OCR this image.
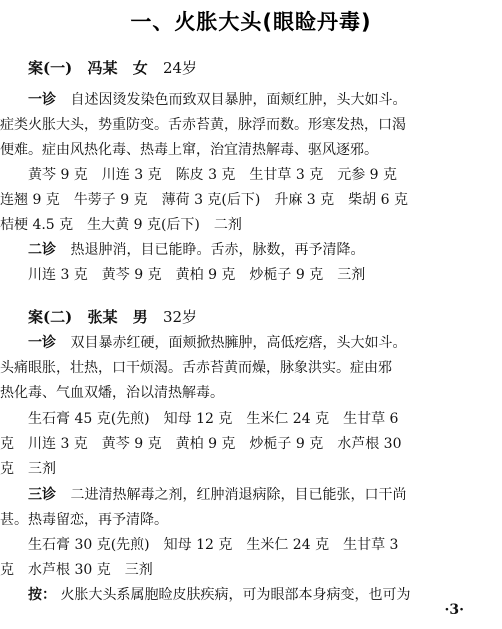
一、火胀大头(眼睑丹毒)
案(一) 冯某 女 24岁
一诊 自述因烫发染色而致双目暴肿，面颊红肿，头大如斗。
症类火胀大头，势重防变。舌赤苔黄，脉浮而数。形寒发热，口渴
便难。症由风热化毒、热毒上窜，治宜清热解毒、驱风逐邪。
黄芩 9 克　川连 3 克　陈皮 3 克　生甘草 3 克　元参 9 克
连翘 9 克　牛蒡子 9 克　薄荷 3 克(后下)　升麻 3 克　柴胡 6 克
桔梗 4.5 克　生大黄 9 克(后下)　二剂
二诊 热退肿消，目已能睁。舌赤，脉数，再予清降。
川连 3 克　黄芩 9 克　黄柏 9 克　炒栀子 9 克　三剂
案(二) 张某 男 32岁
一诊 双目暴赤红硬，面颊掀热臃肿，高低疙瘩，头大如斗。
头痛眼胀，壮热，口干烦渴。舌赤苔黄而燥，脉象洪实。症由邪
热化毒、气血双燔，治以清热解毒。
生石膏 45 克(先煎)　知母 12 克　生米仁 24 克　生甘草 6
克　川连 3 克　黄芩 9 克　黄柏 9 克　炒栀子 9 克　水芦根 30
克　三剂
三诊 二进清热解毒之剂，红肿消退病除，目已能张，口干尚
甚。热毒留恋，再予清降。
生石膏 30 克(先煎)　知母 12 克　生米仁 24 克　生甘草 3
克　水芦根 30 克　三剂
按： 火胀大头系属胞睑皮肤疾病，可为眼部本身病变，也可为
·3·
